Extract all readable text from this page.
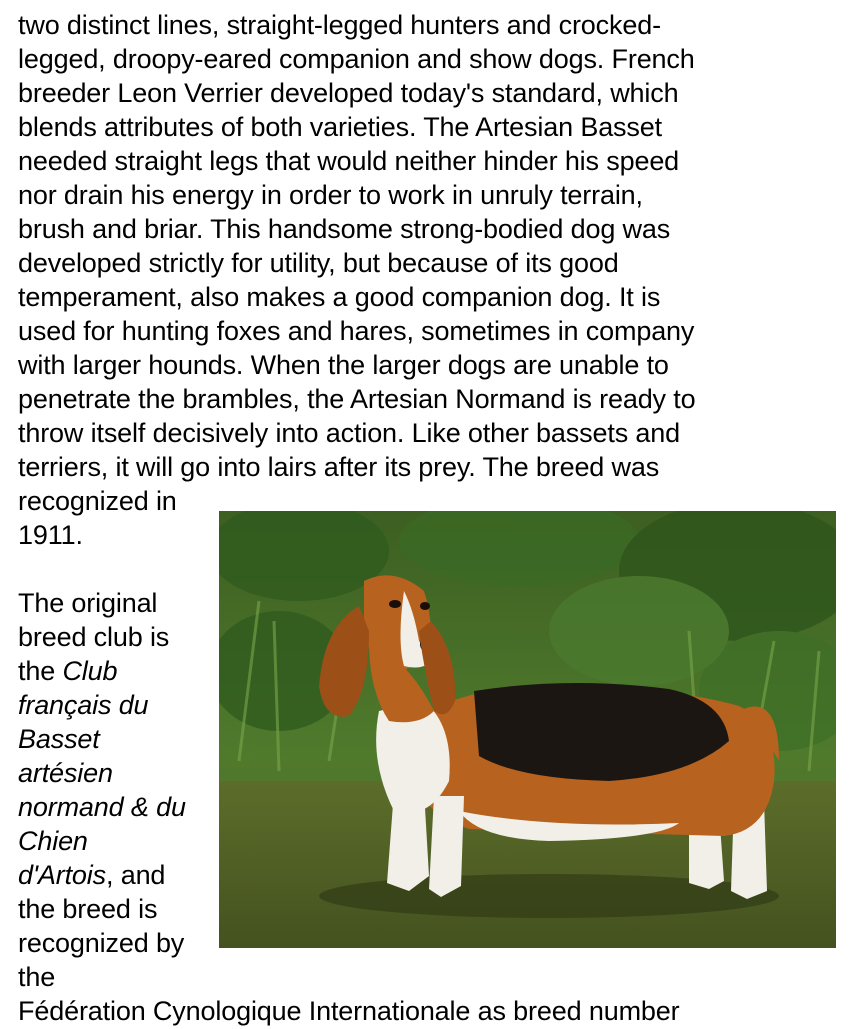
two distinct lines, straight-legged hunters and crocked-
legged, droopy-eared companion and show dogs. French
breeder Leon Verrier developed today's standard, which
blends attributes of both varieties. The Artesian Basset
needed straight legs that would neither hinder his speed
nor drain his energy in order to work in unruly terrain,
brush and briar. This handsome strong-bodied dog was
developed strictly for utility, but because of its good
temperament, also makes a good companion dog. It is
used for hunting foxes and hares, sometimes in company
with larger hounds. When the larger dogs are unable to
penetrate the brambles, the Artesian Normand is ready to
throw itself decisively into action. Like other bassets and
terriers, it will go into lairs after its prey. The breed was
recognized in
1911.
The original
breed club is
the Club
français du
Basset
artésien
normand & du
Chien
d'Artois, and
the breed is
recognized by
the
Fédération Cynologique Internationale as breed number
